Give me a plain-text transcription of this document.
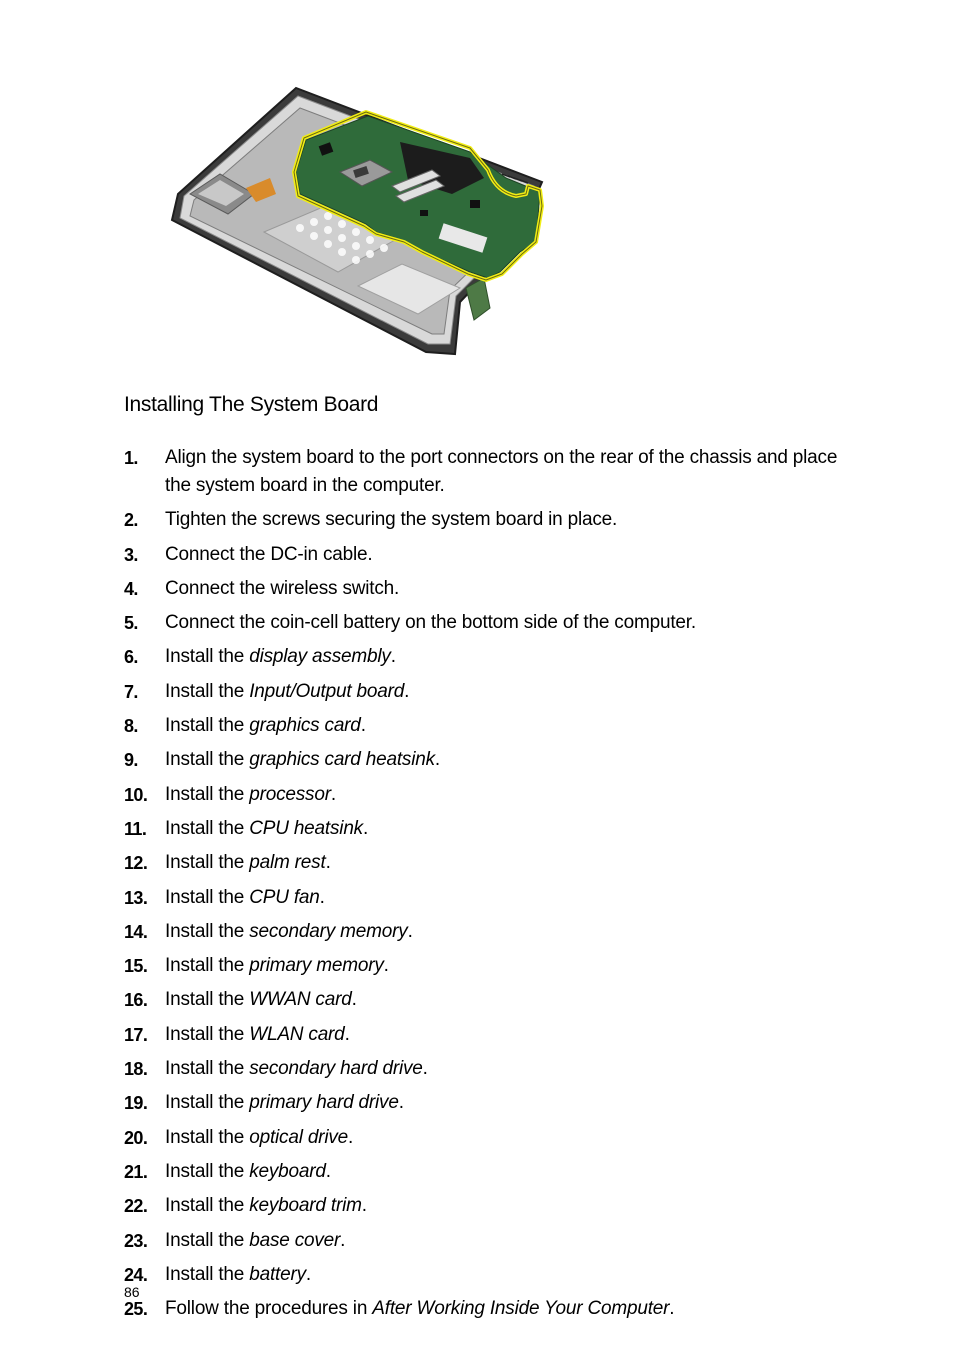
Installing The System Board
1. Align the system board to the port connectors on the rear of the chassis and place the system board in the computer.
2. Tighten the screws securing the system board in place.
3. Connect the DC-in cable.
4. Connect the wireless switch.
5. Connect the coin-cell battery on the bottom side of the computer.
6. Install the display assembly.
7. Install the Input/Output board.
8. Install the graphics card.
9. Install the graphics card heatsink.
10. Install the processor.
11. Install the CPU heatsink.
12. Install the palm rest.
13. Install the CPU fan.
14. Install the secondary memory.
15. Install the primary memory.
16. Install the WWAN card.
17. Install the WLAN card.
18. Install the secondary hard drive.
19. Install the primary hard drive.
20. Install the optical drive.
21. Install the keyboard.
22. Install the keyboard trim.
23. Install the base cover.
24. Install the battery.
25. Follow the procedures in After Working Inside Your Computer.
86
